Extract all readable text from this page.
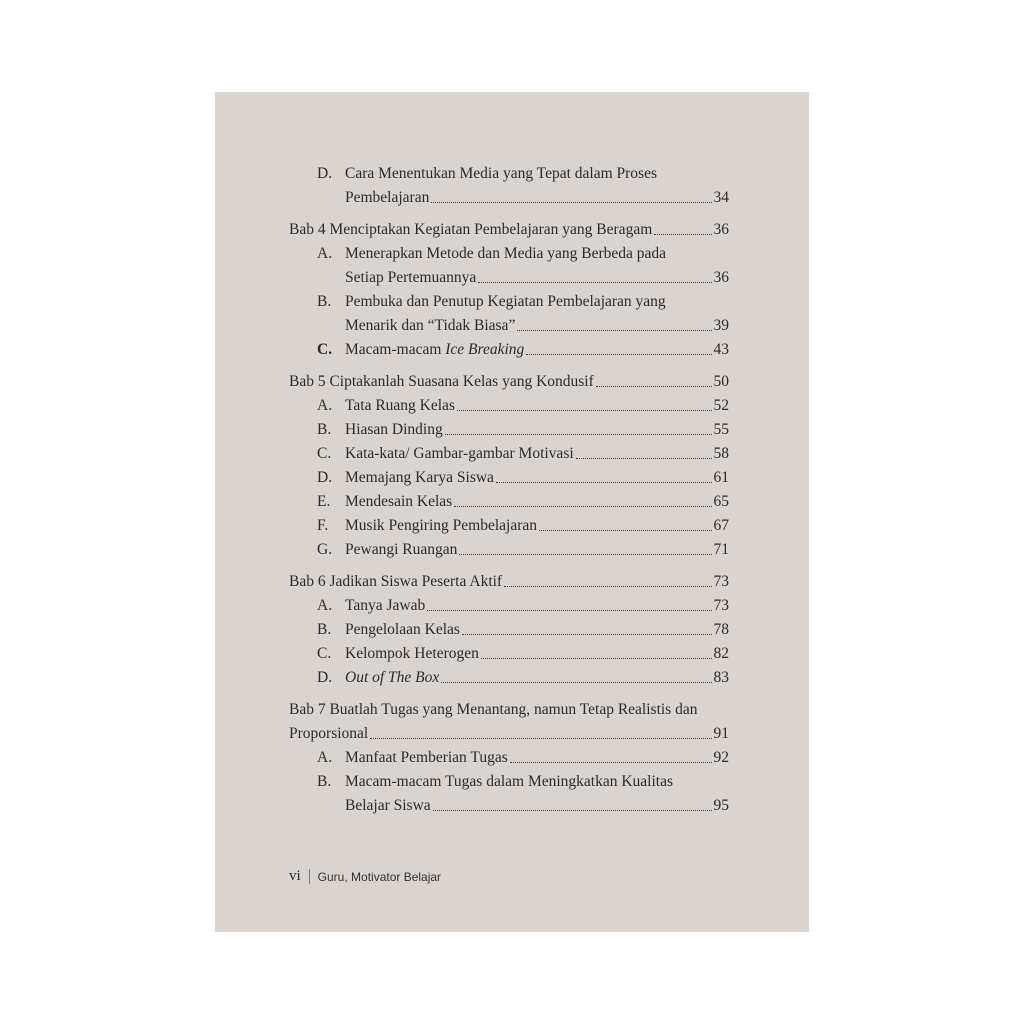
D. Cara Menentukan Media yang Tepat dalam Proses
Pembelajaran	34
Bab 4 Menciptakan Kegiatan Pembelajaran yang Beragam	36
A. Menerapkan Metode dan Media yang Berbeda pada
Setiap Pertemuannya	36
B. Pembuka dan Penutup Kegiatan Pembelajaran yang
Menarik dan “Tidak Biasa”	39
C. Macam-macam Ice Breaking	43
Bab 5 Ciptakanlah Suasana Kelas yang Kondusif	50
A. Tata Ruang Kelas	52
B. Hiasan Dinding	55
C. Kata-kata/ Gambar-gambar Motivasi	58
D. Memajang Karya Siswa	61
E. Mendesain Kelas	65
F. Musik Pengiring Pembelajaran	67
G. Pewangi Ruangan	71
Bab 6 Jadikan Siswa Peserta Aktif	73
A. Tanya Jawab	73
B. Pengelolaan Kelas	78
C. Kelompok Heterogen	82
D. Out of The Box	83
Bab 7 Buatlah Tugas yang Menantang, namun Tetap Realistis dan
Proporsional	91
A. Manfaat Pemberian Tugas	92
B. Macam-macam Tugas dalam Meningkatkan Kualitas
Belajar Siswa	95
vi Guru, Motivator Belajar
